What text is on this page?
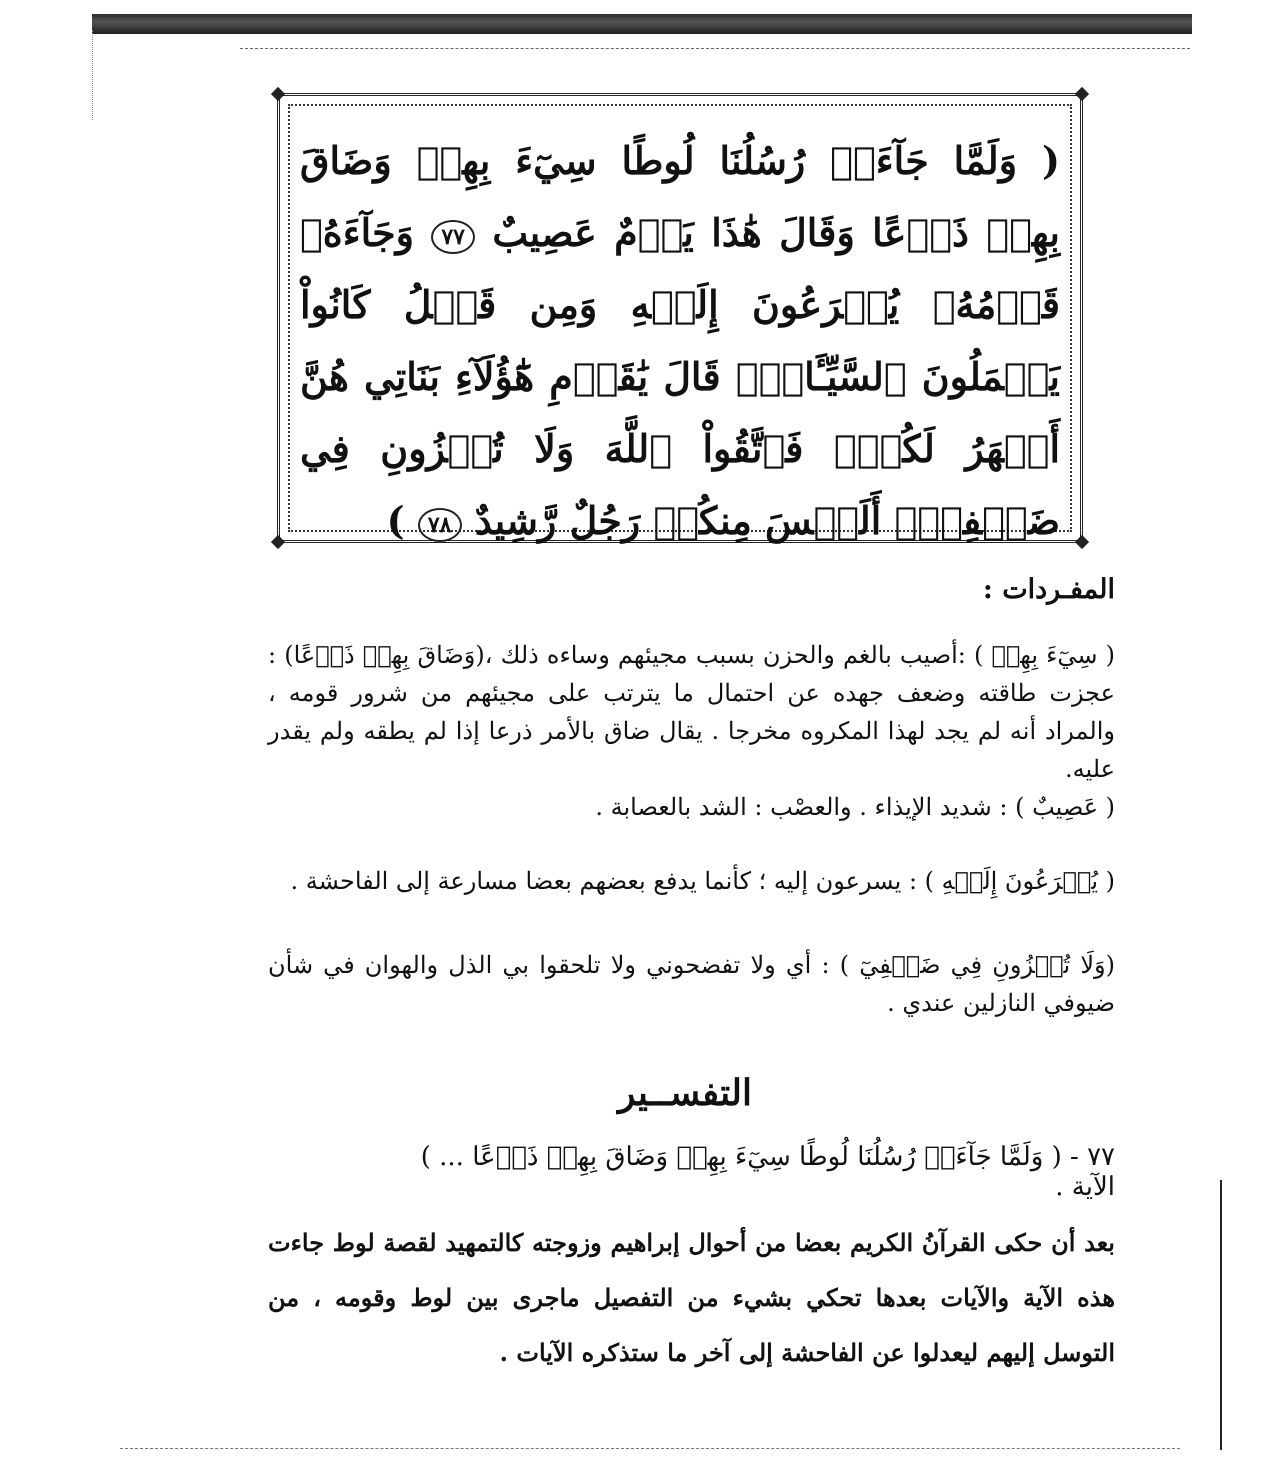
( وَلَمَّا جَآءَتۡ رُسُلُنَا لُوطًا سِيٓءَ بِهِمۡ وَضَاقَ بِهِمۡ ذَرۡعًا وَقَالَ هَٰذَا يَوۡمٌ عَصِيبٌ ٧٧ وَجَآءَهُۥ قَوۡمُهُۥ يُهۡرَعُونَ إِلَيۡهِ وَمِن قَبۡلُ كَانُواْ يَعۡمَلُونَ ٱلسَّيِّـَٔاتِۚ قَالَ يَٰقَوۡمِ هَٰٓؤُلَآءِ بَنَاتِي هُنَّ أَطۡهَرُ لَكُمۡۖ فَٱتَّقُواْ ٱللَّهَ وَلَا تُخۡزُونِ فِي ضَيۡفِيٓۖ أَلَيۡسَ مِنكُمۡ رَجُلٌ رَّشِيدٌ ٧٨ )
المفـردات :
( سِيٓءَ بِهِمۡ ) :أصيب بالغم والحزن بسبب مجيئهم وساءه ذلك ،(وَضَاقَ بِهِمۡ ذَرۡعًا) : عجزت طاقته وضعف جهده عن احتمال ما يترتب على مجيئهم من شرور قومه ، والمراد أنه لم يجد لهذا المكروه مخرجا . يقال ضاق بالأمر ذرعا إذا لم يطقه ولم يقدر عليه.
( عَصِيبٌ ) : شديد الإيذاء . والعصْب : الشد بالعصابة .
( يُهۡرَعُونَ إِلَيۡهِ ) : يسرعون إليه ؛ كأنما يدفع بعضهم بعضا مسارعة إلى الفاحشة .
(وَلَا تُخۡزُونِ فِي ضَيۡفِيٓ ) : أي ولا تفضحوني ولا تلحقوا بي الذل والهوان في شأن ضيوفي النازلين عندي .
التفســير
٧٧ - ( وَلَمَّا جَآءَتۡ رُسُلُنَا لُوطًا سِيٓءَ بِهِمۡ وَضَاقَ بِهِمۡ ذَرۡعًا ... ) الآية .
بعد أن حكى القرآنُ الكريم بعضا من أحوال إبراهيم وزوجته كالتمهيد لقصة لوط جاءت هذه الآية والآيات بعدها تحكي بشيء من التفصيل ماجرى بين لوط وقومه ، من التوسل إليهم ليعدلوا عن الفاحشة إلى آخر ما ستذكره الآيات .
